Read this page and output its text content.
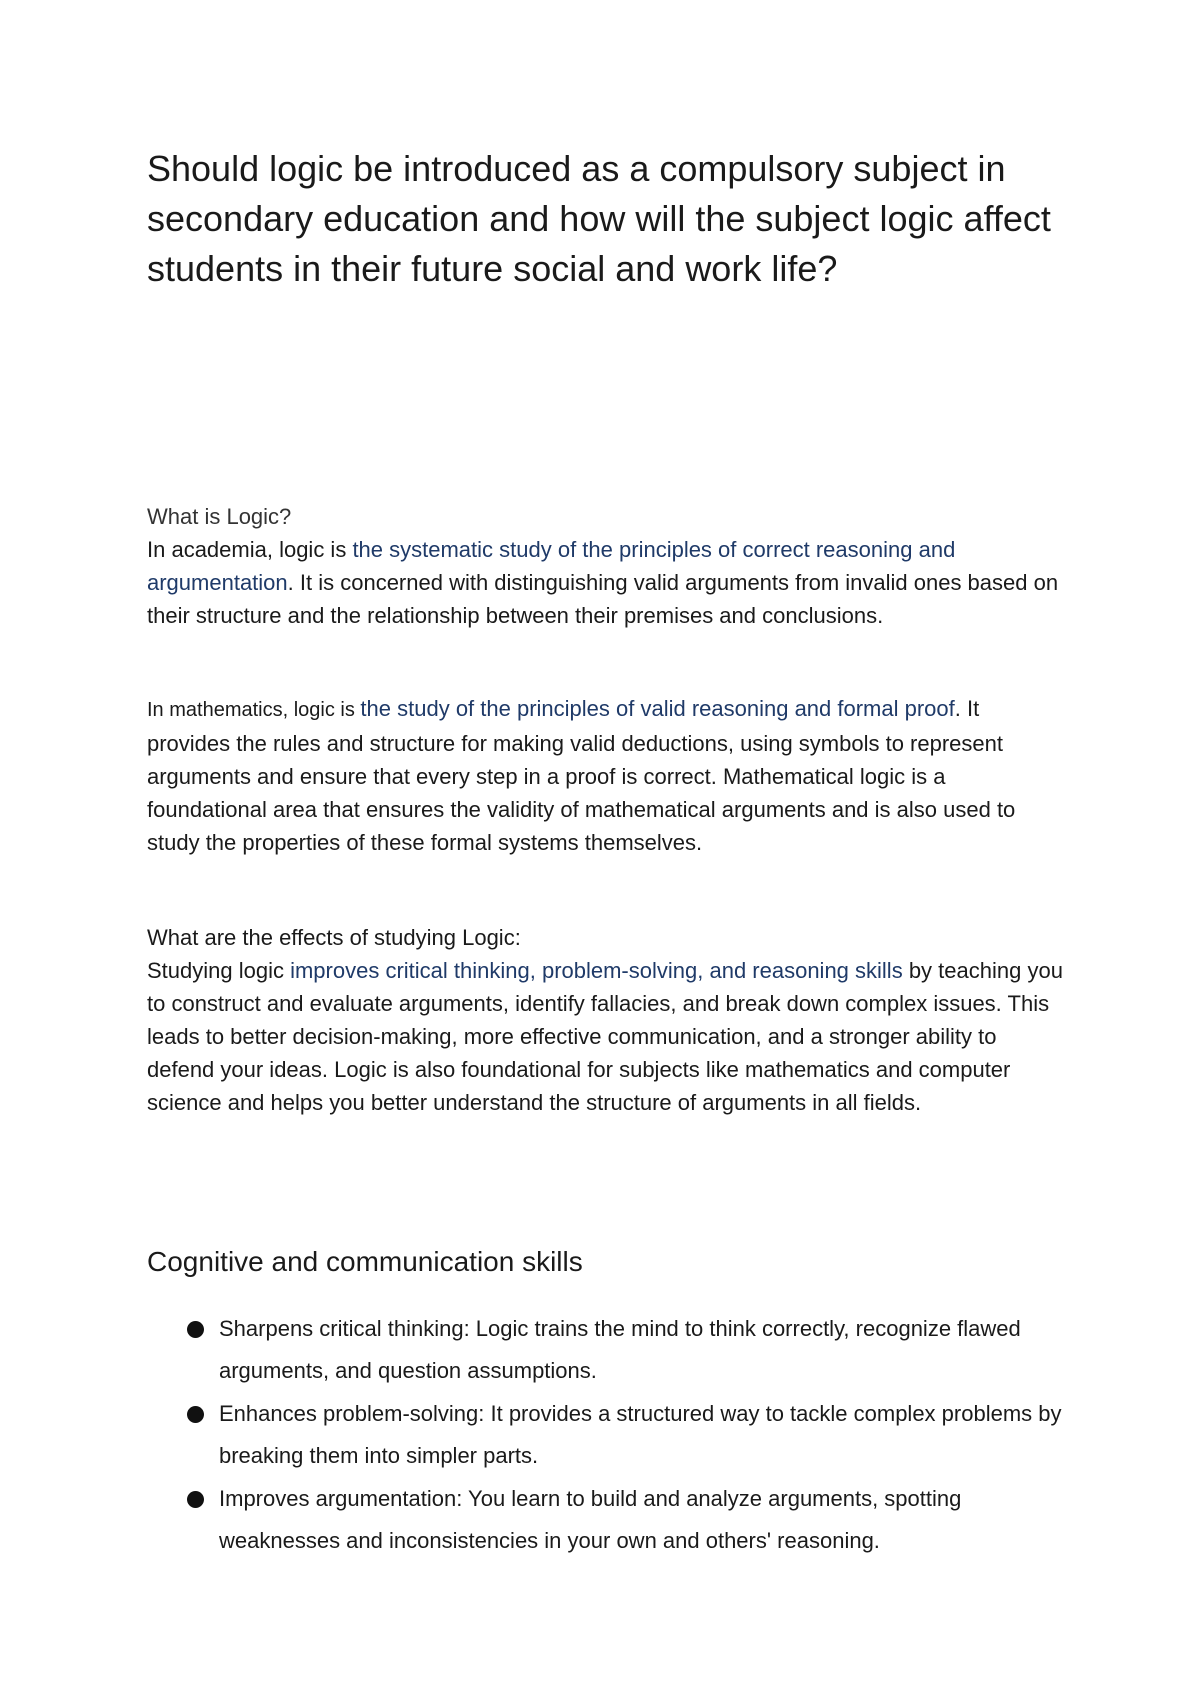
Should logic be introduced as a compulsory subject in secondary education and how will the subject logic affect students in their future social and work life?

What is Logic?

In academia, logic is the systematic study of the principles of correct reasoning and argumentation. It is concerned with distinguishing valid arguments from invalid ones based on their structure and the relationship between their premises and conclusions.

In mathematics, logic is the study of the principles of valid reasoning and formal proof. It provides the rules and structure for making valid deductions, using symbols to represent arguments and ensure that every step in a proof is correct. Mathematical logic is a foundational area that ensures the validity of mathematical arguments and is also used to study the properties of these formal systems themselves.

What are the effects of studying Logic:

Studying logic improves critical thinking, problem-solving, and reasoning skills by teaching you to construct and evaluate arguments, identify fallacies, and break down complex issues. This leads to better decision-making, more effective communication, and a stronger ability to defend your ideas. Logic is also foundational for subjects like mathematics and computer science and helps you better understand the structure of arguments in all fields.

Cognitive and communication skills
Sharpens critical thinking: Logic trains the mind to think correctly, recognize flawed arguments, and question assumptions.
Enhances problem-solving: It provides a structured way to tackle complex problems by breaking them into simpler parts.
Improves argumentation: You learn to build and analyze arguments, spotting weaknesses and inconsistencies in your own and others' reasoning.
